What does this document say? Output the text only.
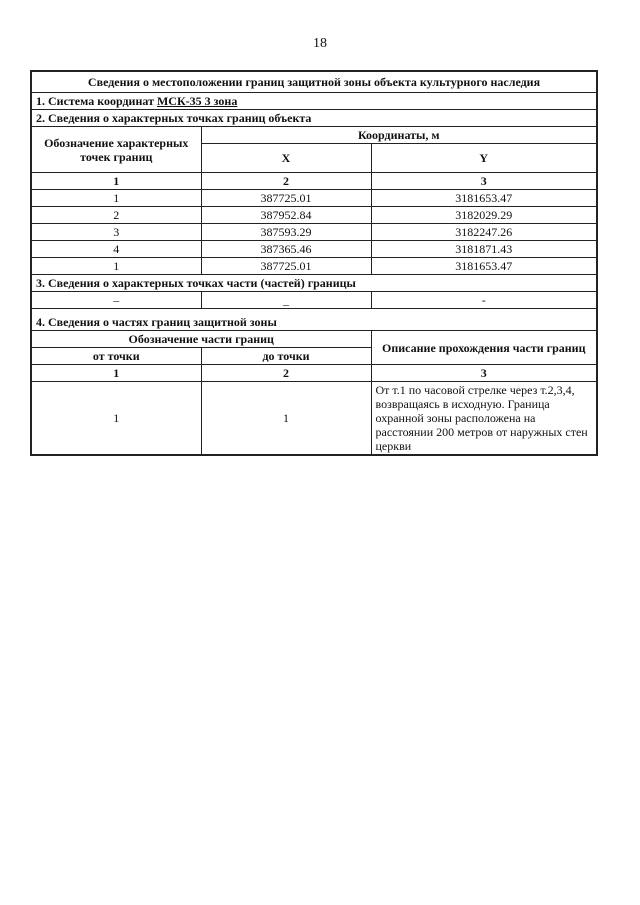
18
Сведения о местоположении границ защитной зоны объекта культурного наследия		
1. Система координат МСК-35 3 зона		
2. Сведения о характерных точках границ объекта		
Обозначение характерных точек границ	Координаты, м	
	X	Y
1	2	3
1	387725.01	3181653.47
2	387952.84	3182029.29
3	387593.29	3182247.26
4	387365.46	3181871.43
1	387725.01	3181653.47
3. Сведения о характерных точках части (частей) границы		
–	_	-
4. Сведения о частях границ защитной зоны		
Обозначение части границ		Описание прохождения части границ
от точки	до точки	
1	2	3
1	1	От т.1 по часовой стрелке через т.2,3,4, возвращаясь в исходную. Граница охранной зоны расположена на расстоянии 200 метров от наружных стен церкви
